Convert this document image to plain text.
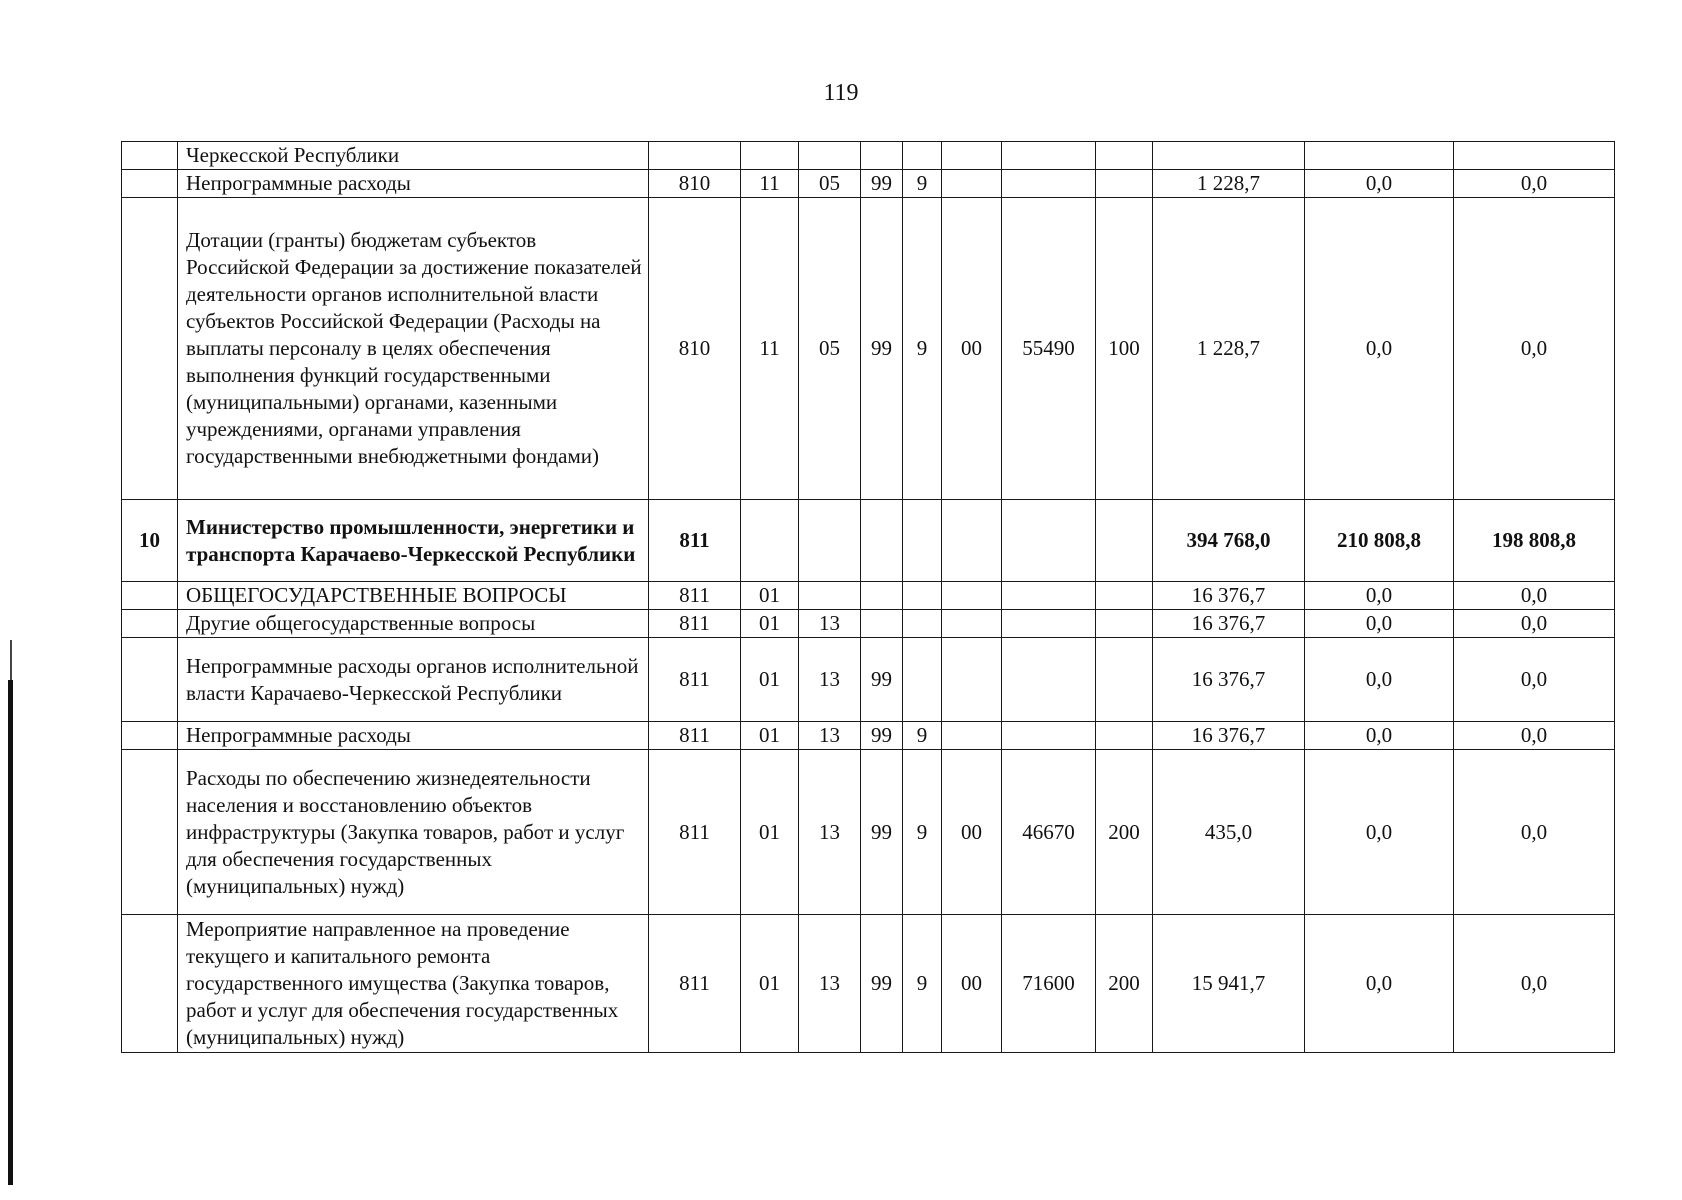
119
	Черкесской Республики											
	Непрограммные расходы	810	11	05	99	9				1 228,7	0,0	0,0
	Дотации (гранты) бюджетам субъектов Российской Федерации за достижение показателей деятельности органов исполнительной власти субъектов Российской Федерации (Расходы на выплаты персоналу в целях обеспечения выполнения функций государственными (муниципальными) органами, казенными учреждениями, органами управления государственными внебюджетными фондами)	810	11	05	99	9	00	55490	100	1 228,7	0,0	0,0
10	Министерство промышленности, энергетики и транспорта Карачаево-Черкесской Республики	811								394 768,0	210 808,8	198 808,8
	ОБЩЕГОСУДАРСТВЕННЫЕ ВОПРОСЫ	811	01							16 376,7	0,0	0,0
	Другие общегосударственные вопросы	811	01	13						16 376,7	0,0	0,0
	Непрограммные расходы органов исполнительной власти Карачаево-Черкесской Республики	811	01	13	99					16 376,7	0,0	0,0
	Непрограммные расходы	811	01	13	99	9				16 376,7	0,0	0,0
	Расходы по обеспечению жизнедеятельности населения и восстановлению объектов инфраструктуры (Закупка товаров, работ и услуг для обеспечения государственных (муниципальных) нужд)	811	01	13	99	9	00	46670	200	435,0	0,0	0,0
	Мероприятие направленное на проведение текущего и капитального ремонта государственного имущества (Закупка товаров, работ и услуг для обеспечения государственных (муниципальных) нужд)	811	01	13	99	9	00	71600	200	15 941,7	0,0	0,0
